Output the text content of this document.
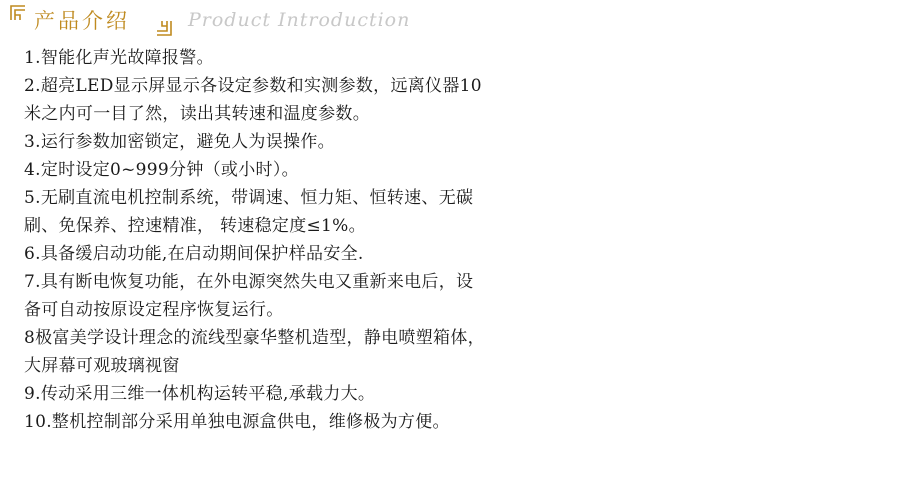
产品介绍	Product Introduction
1.智能化声光故障报警。
2.超亮LED显示屏显示各设定参数和实测参数，远离仪器10
米之内可一目了然，读出其转速和温度参数。
3.运行参数加密锁定，避免人为误操作。
4.定时设定0~999分钟（或小时）。
5.无刷直流电机控制系统，带调速、恒力矩、恒转速、无碳
刷、免保养、控速精准， 转速稳定度≤1%。
6.具备缓启动功能,在启动期间保护样品安全.
7.具有断电恢复功能，在外电源突然失电又重新来电后，设
备可自动按原设定程序恢复运行。
8极富美学设计理念的流线型豪华整机造型，静电喷塑箱体，
大屏幕可观玻璃视窗
9.传动采用三维一体机构运转平稳,承载力大。
10.整机控制部分采用单独电源盒供电，维修极为方便。
